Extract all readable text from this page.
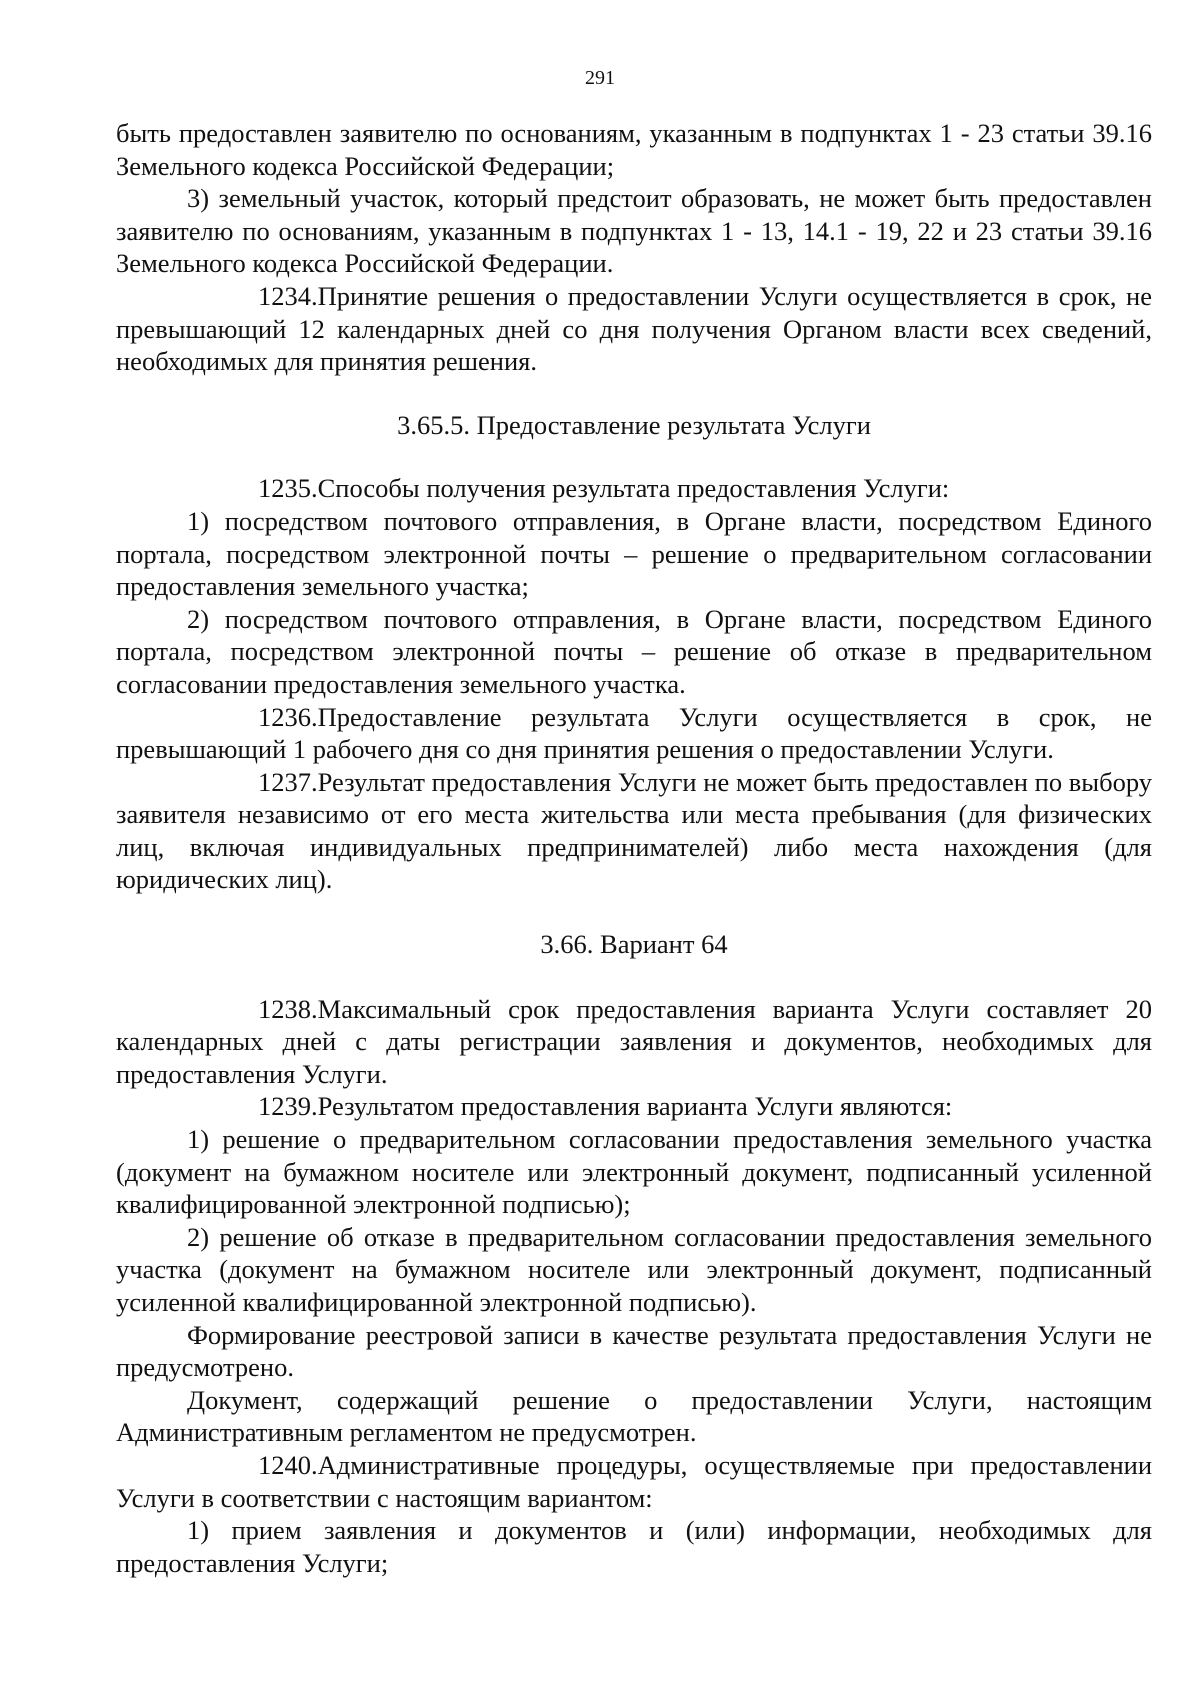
291

быть предоставлен заявителю по основаниям, указанным в подпунктах 1 - 23 статьи 39.16 Земельного кодекса Российской Федерации;

3) земельный участок, который предстоит образовать, не может быть предоставлен заявителю по основаниям, указанным в подпунктах 1 - 13, 14.1 - 19, 22 и 23 статьи 39.16 Земельного кодекса Российской Федерации.

1234.Принятие решения о предоставлении Услуги осуществляется в срок, не превышающий 12 календарных дней со дня получения Органом власти всех сведений, необходимых для принятия решения.

3.65.5. Предоставление результата Услуги

1235.Способы получения результата предоставления Услуги:

1) посредством почтового отправления, в Органе власти, посредством Единого портала, посредством электронной почты – решение о предварительном согласовании предоставления земельного участка;

2) посредством почтового отправления, в Органе власти, посредством Единого портала, посредством электронной почты – решение об отказе в предварительном согласовании предоставления земельного участка.

1236.Предоставление результата Услуги осуществляется в срок, не превышающий 1 рабочего дня со дня принятия решения о предоставлении Услуги.

1237.Результат предоставления Услуги не может быть предоставлен по выбору заявителя независимо от его места жительства или места пребывания (для физических лиц, включая индивидуальных предпринимателей) либо места нахождения (для юридических лиц).

3.66. Вариант 64

1238.Максимальный срок предоставления варианта Услуги составляет 20 календарных дней с даты регистрации заявления и документов, необходимых для предоставления Услуги.

1239.Результатом предоставления варианта Услуги являются:

1) решение о предварительном согласовании предоставления земельного участка (документ на бумажном носителе или электронный документ, подписанный усиленной квалифицированной электронной подписью);

2) решение об отказе в предварительном согласовании предоставления земельного участка (документ на бумажном носителе или электронный документ, подписанный усиленной квалифицированной электронной подписью).

Формирование реестровой записи в качестве результата предоставления Услуги не предусмотрено.

Документ, содержащий решение о предоставлении Услуги, настоящим Административным регламентом не предусмотрен.

1240.Административные процедуры, осуществляемые при предоставлении Услуги в соответствии с настоящим вариантом:

1) прием заявления и документов и (или) информации, необходимых для предоставления Услуги;
